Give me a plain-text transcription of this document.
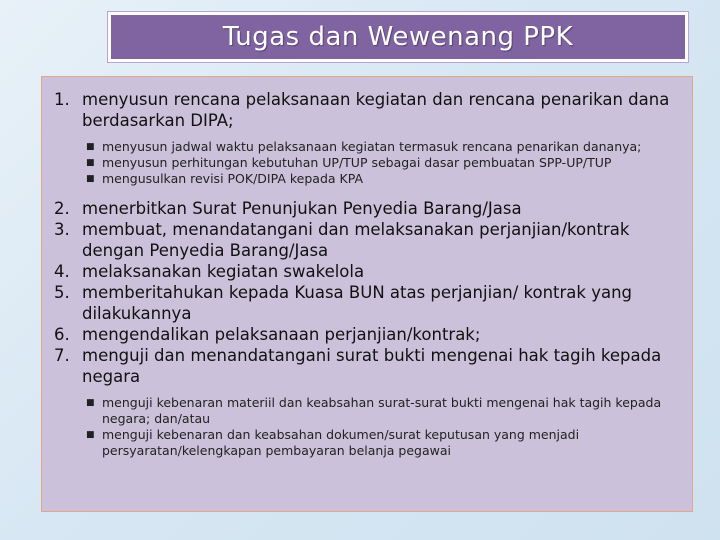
Tugas dan Wewenang PPK
1. menyusun rencana pelaksanaan kegiatan dan rencana penarikan dana berdasarkan DIPA;
■ menyusun jadwal waktu pelaksanaan kegiatan termasuk rencana penarikan dananya;
■ menyusun perhitungan kebutuhan UP/TUP sebagai dasar pembuatan SPP-UP/TUP
■ mengusulkan revisi POK/DIPA kepada KPA
2. menerbitkan Surat Penunjukan Penyedia Barang/Jasa
3. membuat, menandatangani dan melaksanakan perjanjian/kontrak dengan Penyedia Barang/Jasa
4. melaksanakan kegiatan swakelola
5. memberitahukan kepada Kuasa BUN atas perjanjian/ kontrak yang dilakukannya
6. mengendalikan pelaksanaan perjanjian/kontrak;
7. menguji dan menandatangani surat bukti mengenai hak tagih kepada negara
■ menguji kebenaran materiil dan keabsahan surat-surat bukti mengenai hak tagih kepada negara; dan/atau
■ menguji kebenaran dan keabsahan dokumen/surat keputusan yang menjadi persyaratan/kelengkapan pembayaran belanja pegawai
